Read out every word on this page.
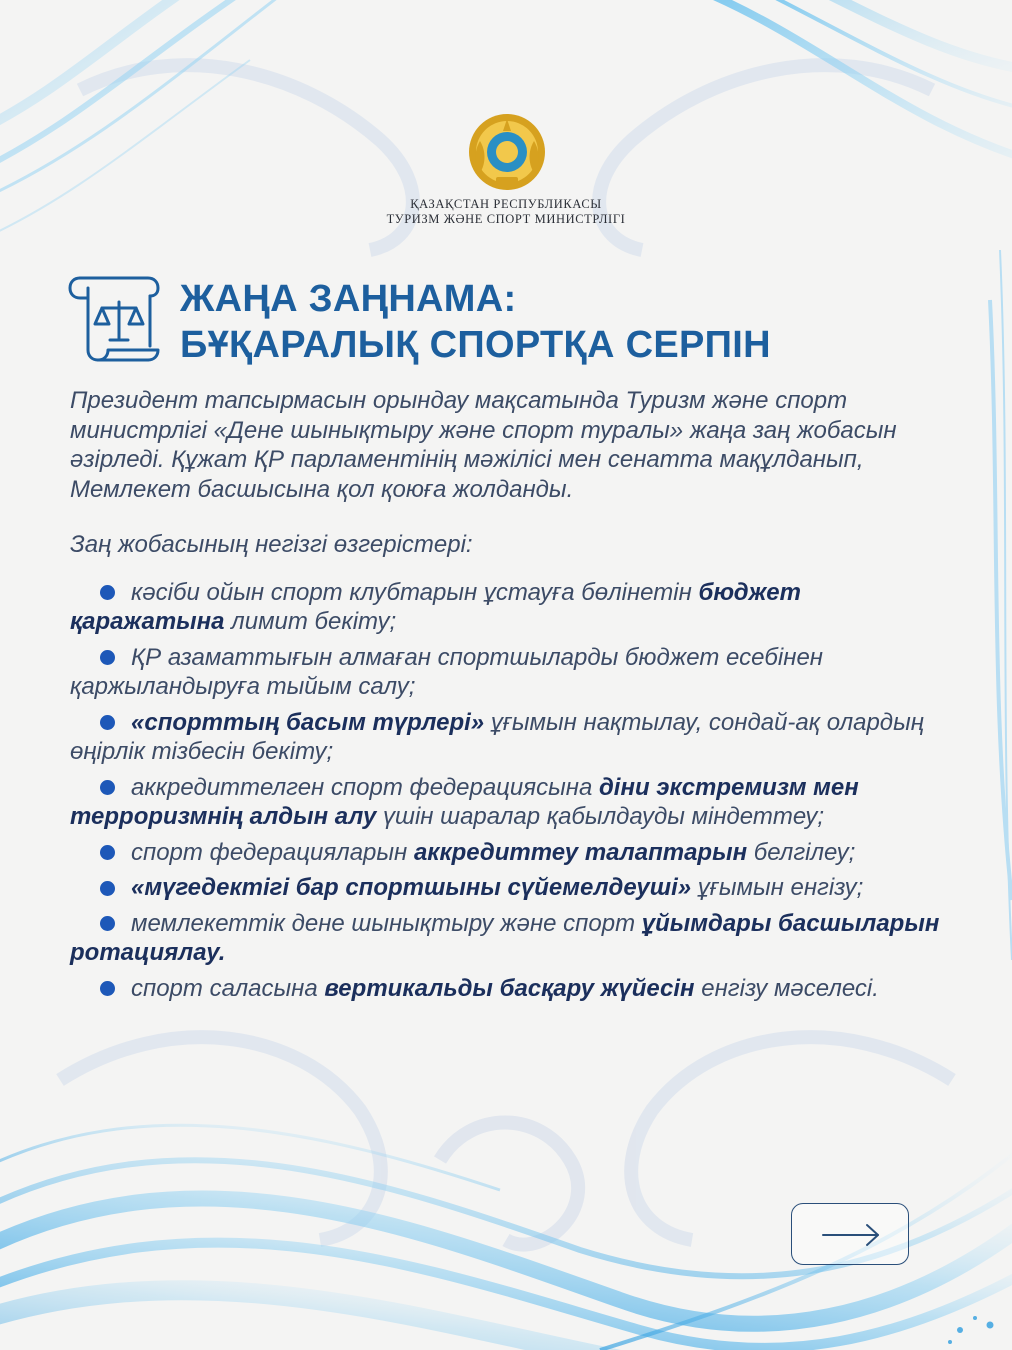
ҚАЗАҚСТАН РЕСПУБЛИКАСЫ
ТУРИЗМ ЖӘНЕ СПОРТ МИНИСТРЛІГІ
ЖАҢА ЗАҢНАМА:
БҰҚАРАЛЫҚ СПОРТҚА СЕРПІН

Президент тапсырмасын орындау мақсатында Туризм және спорт министрлігі «Дене шынықтыру және спорт туралы» жаңа заң жобасын әзірледі. Құжат ҚР парламентінің мәжілісі мен сенатта мақұлданып, Мемлекет басшысына қол қоюға жолданды.

Заң жобасының негізгі өзгерістері:

кәсіби ойын спорт клубтарын ұстауға бөлінетін бюджет қаражатына лимит бекіту;
ҚР азаматтығын алмаған спортшыларды бюджет есебінен қаржыландыруға тыйым салу;
«спорттың басым түрлері» ұғымын нақтылау, сондай-ақ олардың өңірлік тізбесін бекіту;
аккредиттелген спорт федерациясына діни экстремизм мен терроризмнің алдын алу үшін шаралар қабылдауды міндеттеу;
спорт федерацияларын аккредиттеу талаптарын белгілеу;
«мүгедектігі бар спортшыны сүйемелдеуші» ұғымын енгізу;
мемлекеттік дене шынықтыру және спорт ұйымдары басшыларын ротациялау.
спорт саласына вертикальды басқару жүйесін енгізу мәселесі.
